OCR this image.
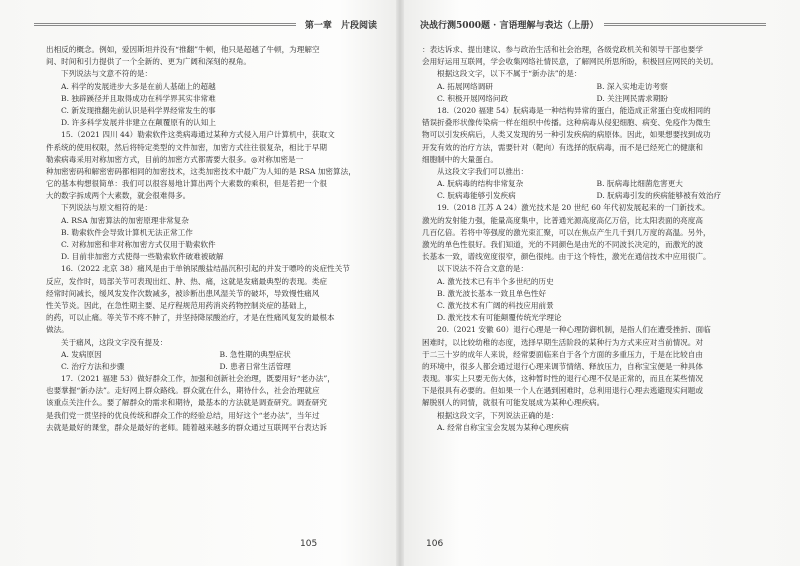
第一章 片段阅读
出相反的概念。例如，爱因斯坦并没有“推翻”牛顿，他只是超越了牛顿，为理解空
间、时间和引力提供了一个全新的、更为广阔和深刻的视角。
下列说法与文意不符的是：
A. 科学的发展进步大多是在前人基础上的超越
B. 独辟蹊径并且取得成功在科学界其实非常难
C. 新发现推翻先前认识是科学界经常发生的事
D. 许多科学发展并非建立在颠覆原有的认知上
15.（2021 四川 44）勒索软件这类病毒通过某种方式侵入用户计算机中，获取文
件系统的使用权限，然后将特定类型的文件加密，加密方式往往很复杂，相比于早期
勒索病毒采用对称加密方式，目前的加密方式都需要大很多。◎对称加密是一
种加密密码和解密密码都相同的加密技术，这类加密技术中最广为人知的是 RSA 加密算法，
它的基本构想很简单：我们可以很容易地计算出两个大素数的乘积，但是若把一个很
大的数字拆成两个大素数，就会很难得多。
下列说法与原文相符的是：
A. RSA 加密算法的加密原理非常复杂
B. 勒索软件会导致计算机无法正常工作
C. 对称加密和非对称加密方式仅用于勒索软件
D. 目前非加密方式使得一些勒索软件破难被破解
16.（2022 北京 38）痛风是由于单钠尿酸盐结晶沉积引起的并发于嘌呤的炎症性关节
反应，发作时，局部关节可表现出红、肿、热、痛，这就是发痛最典型的表现。类症
经常时间减长，缓风发发作次数减多，被诊断出患风湿关节的破坏，导致慢性痛风
性关节炎。因此，在急性期主要、足疗程规范用药消炎药物控制炎症的基础上，
的药，可以止痛。等关节不疼不肿了，并坚持降尿酸治疗，才是在性痛风复发的最根本
做法。
关于痛风，这段文字没有提及：
A. 发病原因	B. 急性期的典型症状
C. 治疗方法和步骤	D. 患者日常生活管理
17.（2021 福建 53）做好群众工作，加强和创新社会治理，既要用好“老办法”，
也要掌握“新办法”。走好网上群众路线。群众就在什么，期待什么，社会治理就应
该重点关注什么。要了解群众的需求和期待，最基本的方法就是调查研究。调查研究
是我们党一贯坚持的优良传统和群众工作的经验总结，用好这个“老办法”，当年过
去就是最好的课堂，群众是最好的老师。随着越来越多的群众通过互联网平台表达诉
105
决战行测5000题 · 言语理解与表达（上册）
：表达诉求、提出建议、参与政治生活和社会治理，各级党政机关和领导干部也要学
会用好运用互联网，学会收集网络社情民意，了解网民所思所盼，积极回应网民的关切。
根据这段文字，以下不属于“新办法”的是：
A. 拓展网络调研	B. 深入实地走访考察
C. 积极开展网络问政	D. 关注网民需求期盼
18.（2020 福建 54）朊病毒是一种结构异常的蛋白，能造成正常蛋白变成相同的
错误折叠形状像传染病一样在组织中传播。这种病毒从侵犯细胞、病变、免疫作为微生
物可以引发疾病后，人类又发现的另一种引发疾病的病原体。因此，如果想要找到成功
开发有效的治疗方法，需要针对（靶向）有选择的朊病毒，而不是已经死亡的健康和
细胞制中的大量蛋白。
从这段文字我们可以推出：
A. 朊病毒的结构非常复杂	B. 朊病毒比细菌危害更大
C. 朊病毒能够引发疾病	D. 朊病毒引发的疾病能够被有效治疗
19.（2018 江苏 A 24）激光技术是 20 世纪 60 年代初发展起来的一门新技术。
激光的发射能力强，能量高度集中，比普通光源高度高亿万倍，比太阳表面的亮度高
几百亿倍。若将中等强度的激光束汇聚，可以在焦点产生几千到几万度的高温。另外，
激光的单色性很好。我们知道，光的不同颜色是由光的不同波长决定的，而激光的波
长基本一致，谱线宽度很窄，颜色很纯。由于这个特性，激光在通信技术中应用很广。
以下说法不符合文意的是：
A. 激光技术已有半个多世纪的历史
B. 激光波长基本一致且单色性好
C. 激光技术有广阔的科技应用前景
D. 激光技术有可能颠覆传统光学理论
20.（2021 安徽 60）退行心理是一种心理防御机制，是指人们在遭受挫折、面临
困难时，以比较幼稚的态度，选择早期生活阶段的某种行为方式来应对当前情况。对
于二三十岁的成年人来说，经常要面临来自于各个方面的多重压力，于是在比较自由
的环境中，很多人都会通过退行心理来调节情绪、释放压力，自称宝宝便是一种具体
表现。事实上只要无伤大体，这种暂时性的退行心理不仅是正常的，而且在某些情况
下是很具有必要的。但如果一个人在遇到困难时，总利用退行心理去逃避现实问题或
解脱别人的同情，就很有可能发展成为某种心理疾病。
根据这段文字，下列说法正确的是：
A. 经常自称宝宝会发展为某种心理疾病
106
